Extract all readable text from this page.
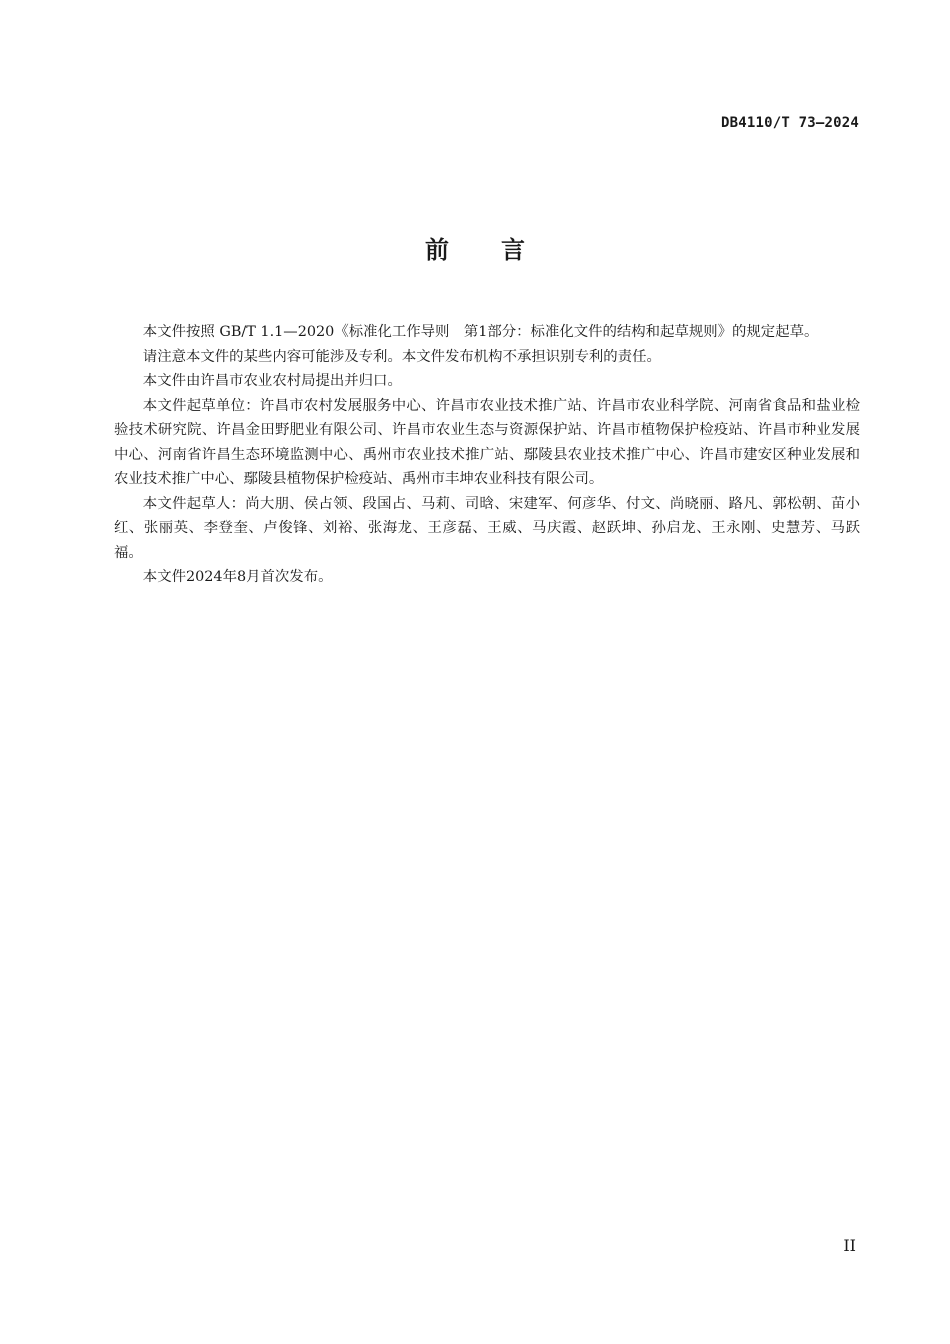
DB4110/T 73—2024
前言

本文件按照 GB/T 1.1—2020《标准化工作导则　第1部分：标准化文件的结构和起草规则》的规定起草。

请注意本文件的某些内容可能涉及专利。本文件发布机构不承担识别专利的责任。

本文件由许昌市农业农村局提出并归口。

本文件起草单位：许昌市农村发展服务中心、许昌市农业技术推广站、许昌市农业科学院、河南省食品和盐业检验技术研究院、许昌金田野肥业有限公司、许昌市农业生态与资源保护站、许昌市植物保护检疫站、许昌市种业发展中心、河南省许昌生态环境监测中心、禹州市农业技术推广站、鄢陵县农业技术推广中心、许昌市建安区种业发展和农业技术推广中心、鄢陵县植物保护检疫站、禹州市丰坤农业科技有限公司。

本文件起草人：尚大朋、侯占领、段国占、马莉、司晗、宋建军、何彦华、付文、尚晓丽、路凡、郭松朝、苗小红、张丽英、李登奎、卢俊锋、刘裕、张海龙、王彦磊、王威、马庆霞、赵跃坤、孙启龙、王永刚、史慧芳、马跃福。

本文件2024年8月首次发布。

II
